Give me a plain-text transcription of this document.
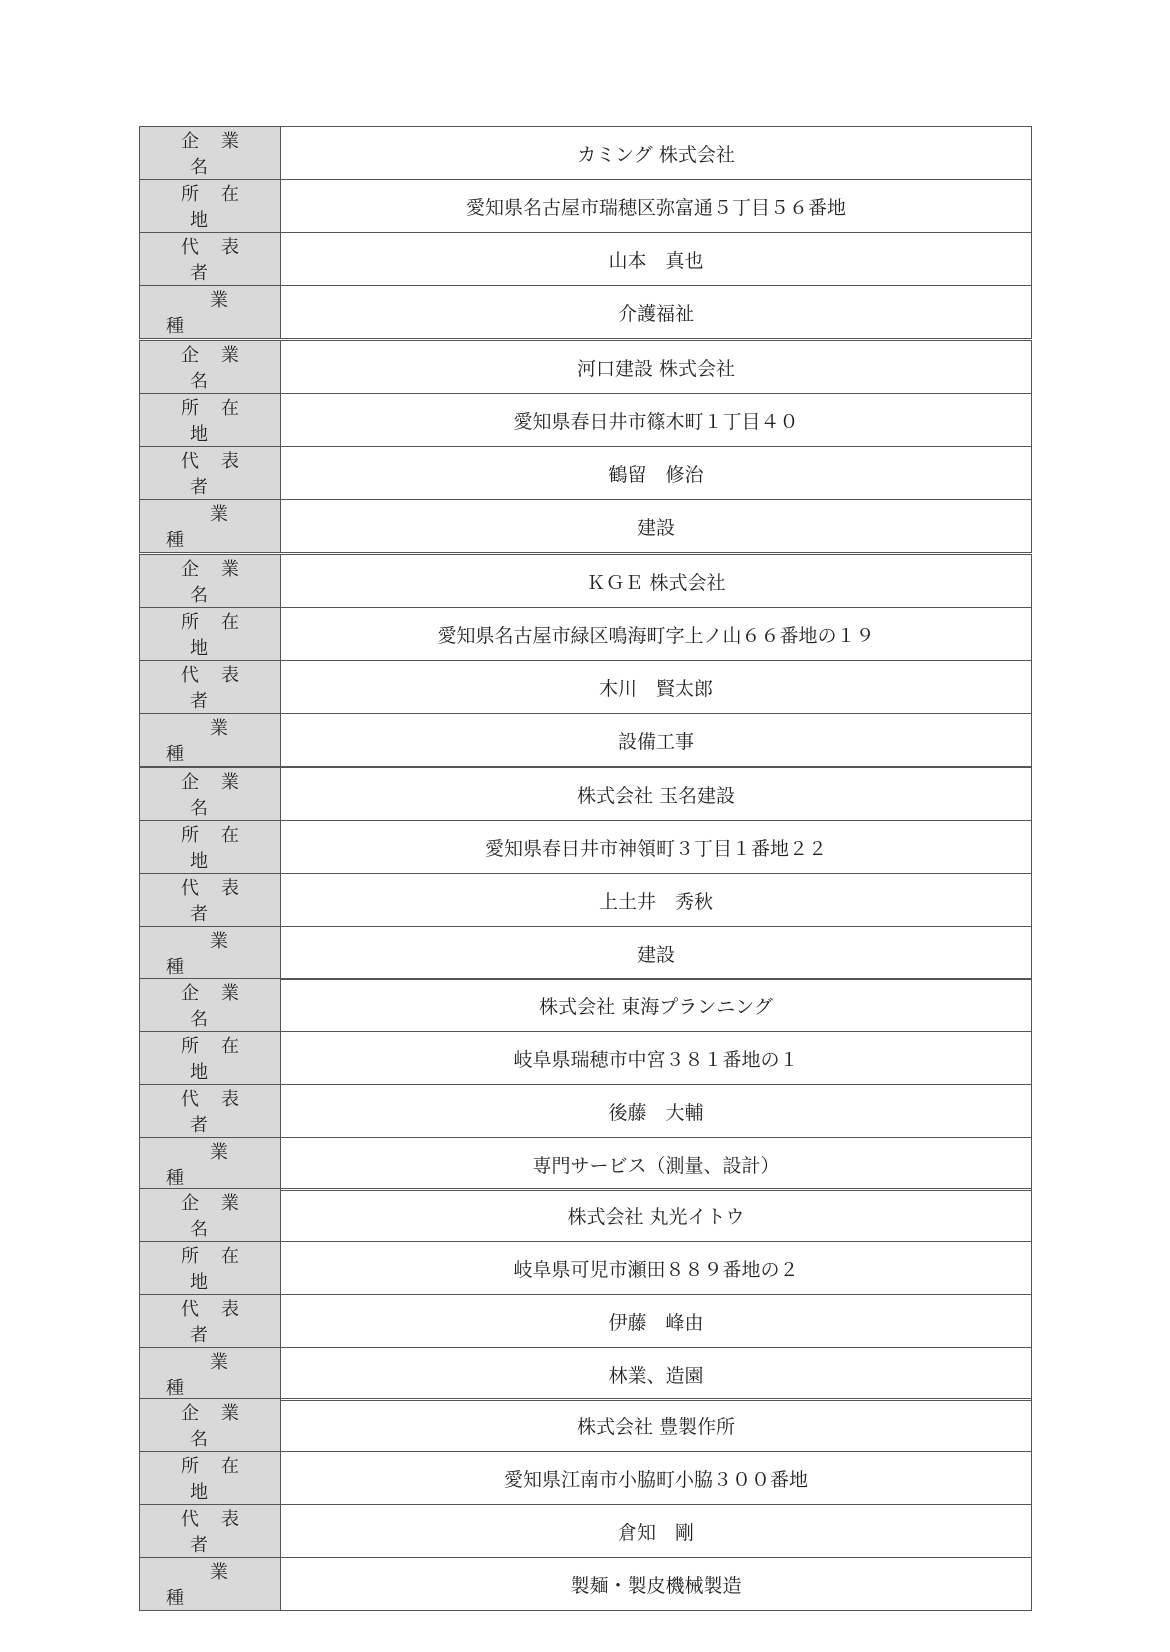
企業名	カミング 株式会社
所在地	愛知県名古屋市瑞穂区弥富通５丁目５６番地
代表者	山本　真也
業種	介護福祉
企業名	河口建設 株式会社
所在地	愛知県春日井市篠木町１丁目４０
代表者	鶴留　修治
業種	建設
企業名	ＫＧＥ 株式会社
所在地	愛知県名古屋市緑区鳴海町字上ノ山６６番地の１９
代表者	木川　賢太郎
業種	設備工事
企業名	株式会社 玉名建設
所在地	愛知県春日井市神領町３丁目１番地２２
代表者	上土井　秀秋
業種	建設
企業名	株式会社 東海プランニング
所在地	岐阜県瑞穂市中宮３８１番地の１
代表者	後藤　大輔
業種	専門サービス（測量、設計）
企業名	株式会社 丸光イトウ
所在地	岐阜県可児市瀬田８８９番地の２
代表者	伊藤　峰由
業種	林業、造園
企業名	株式会社 豊製作所
所在地	愛知県江南市小脇町小脇３００番地
代表者	倉知　剛
業種	製麺・製皮機械製造
